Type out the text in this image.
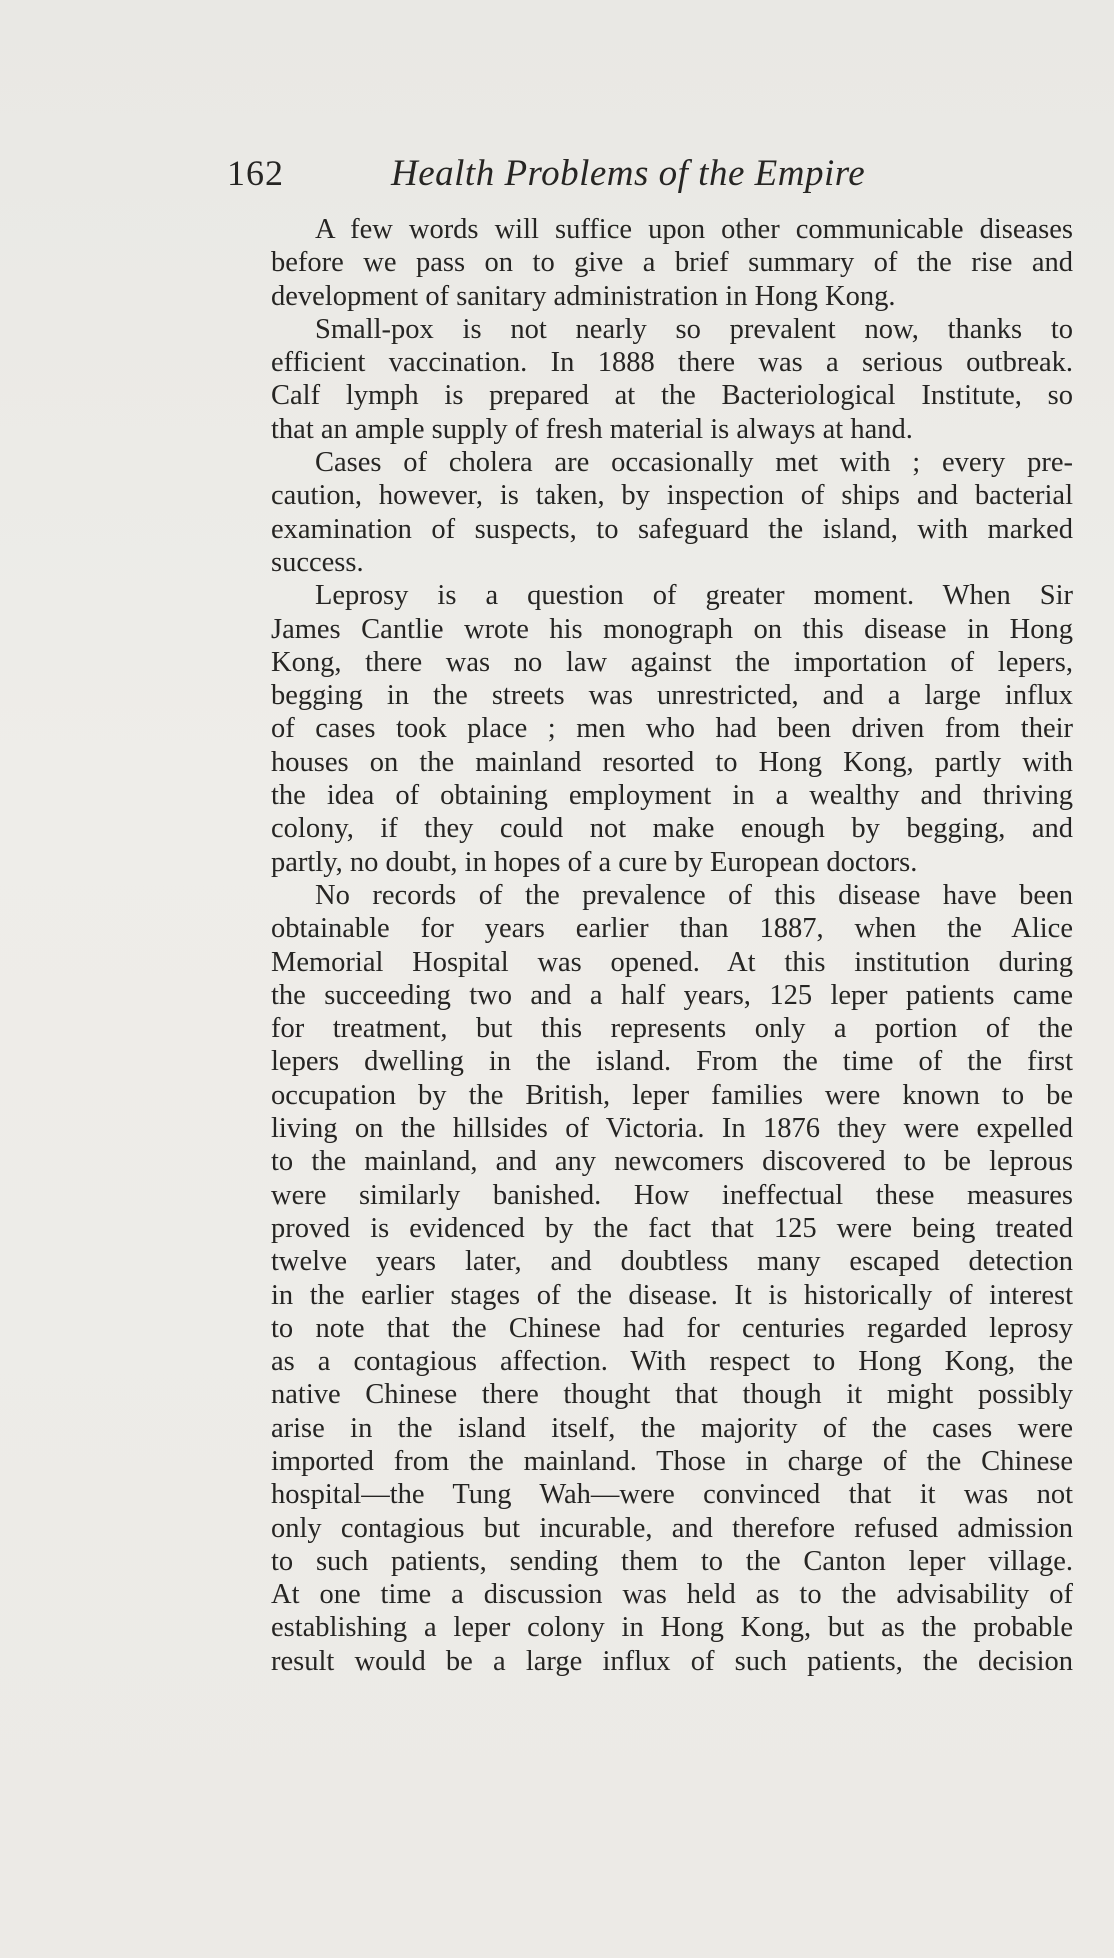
162	Health Problems of the Empire
A few words will suffice upon other communicable diseases
before we pass on to give a brief summary of the rise and
development of sanitary administration in Hong Kong.
Small-pox is not nearly so prevalent now, thanks to
efficient vaccination. In 1888 there was a serious outbreak.
Calf lymph is prepared at the Bacteriological Institute, so
that an ample supply of fresh material is always at hand.
Cases of cholera are occasionally met with ; every pre-
caution, however, is taken, by inspection of ships and bacterial
examination of suspects, to safeguard the island, with marked
success.
Leprosy is a question of greater moment. When Sir
James Cantlie wrote his monograph on this disease in Hong
Kong, there was no law against the importation of lepers,
begging in the streets was unrestricted, and a large influx
of cases took place ; men who had been driven from their
houses on the mainland resorted to Hong Kong, partly with
the idea of obtaining employment in a wealthy and thriving
colony, if they could not make enough by begging, and
partly, no doubt, in hopes of a cure by European doctors.
No records of the prevalence of this disease have been
obtainable for years earlier than 1887, when the Alice
Memorial Hospital was opened. At this institution during
the succeeding two and a half years, 125 leper patients came
for treatment, but this represents only a portion of the
lepers dwelling in the island. From the time of the first
occupation by the British, leper families were known to be
living on the hillsides of Victoria. In 1876 they were expelled
to the mainland, and any newcomers discovered to be leprous
were similarly banished. How ineffectual these measures
proved is evidenced by the fact that 125 were being treated
twelve years later, and doubtless many escaped detection
in the earlier stages of the disease. It is historically of interest
to note that the Chinese had for centuries regarded leprosy
as a contagious affection. With respect to Hong Kong, the
native Chinese there thought that though it might possibly
arise in the island itself, the majority of the cases were
imported from the mainland. Those in charge of the Chinese
hospital—the Tung Wah—were convinced that it was not
only contagious but incurable, and therefore refused admission
to such patients, sending them to the Canton leper village.
At one time a discussion was held as to the advisability of
establishing a leper colony in Hong Kong, but as the probable
result would be a large influx of such patients, the decision
